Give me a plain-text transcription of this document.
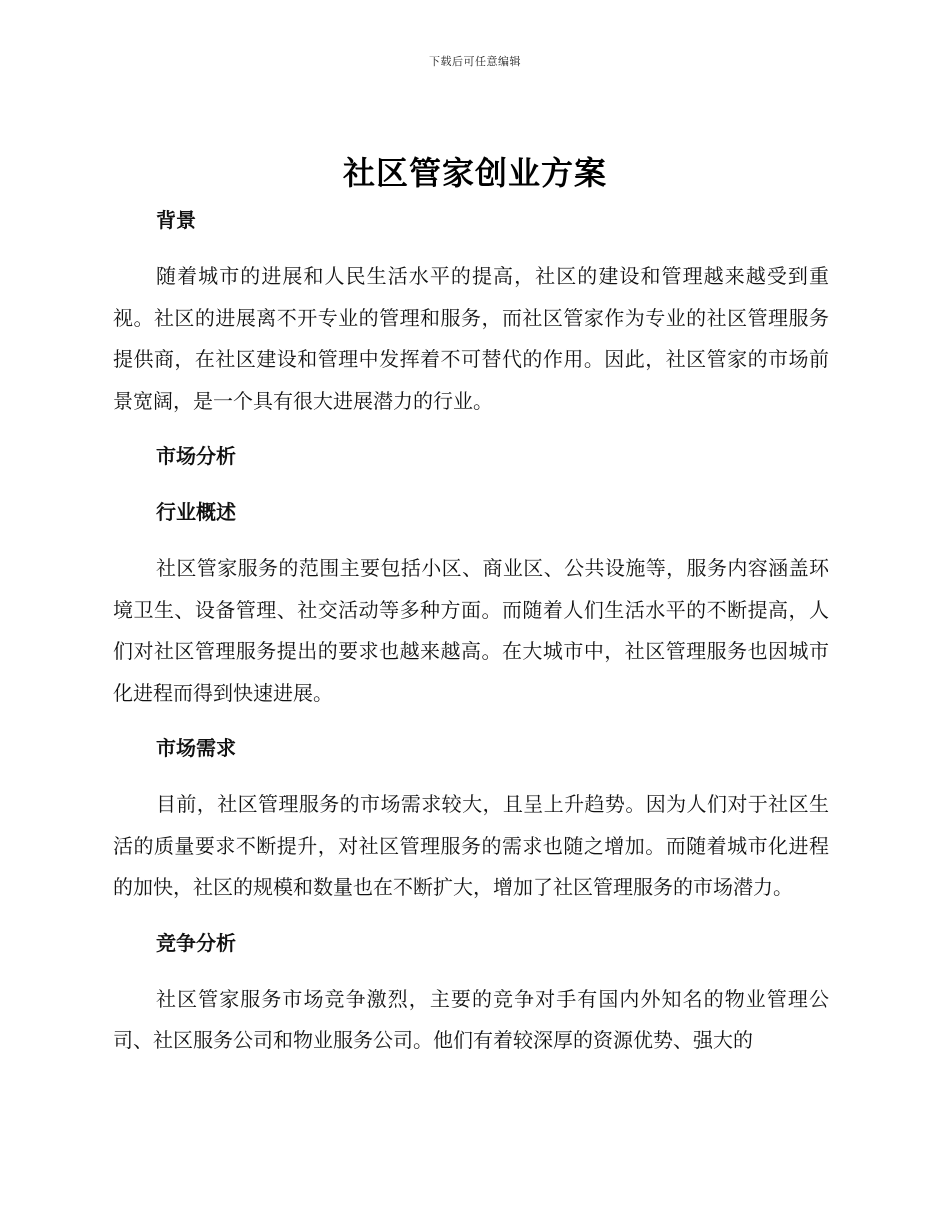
下载后可任意编辑
社区管家创业方案
背景

随着城市的进展和人民生活水平的提高，社区的建设和管理越来越受到重视。社区的进展离不开专业的管理和服务，而社区管家作为专业的社区管理服务提供商，在社区建设和管理中发挥着不可替代的作用。因此，社区管家的市场前景宽阔，是一个具有很大进展潜力的行业。

市场分析
行业概述

社区管家服务的范围主要包括小区、商业区、公共设施等，服务内容涵盖环境卫生、设备管理、社交活动等多种方面。而随着人们生活水平的不断提高，人们对社区管理服务提出的要求也越来越高。在大城市中，社区管理服务也因城市化进程而得到快速进展。

市场需求

目前，社区管理服务的市场需求较大，且呈上升趋势。因为人们对于社区生活的质量要求不断提升，对社区管理服务的需求也随之增加。而随着城市化进程的加快，社区的规模和数量也在不断扩大，增加了社区管理服务的市场潜力。

竞争分析

社区管家服务市场竞争激烈，主要的竞争对手有国内外知名的物业管理公司、社区服务公司和物业服务公司。他们有着较深厚的资源优势、强大的
